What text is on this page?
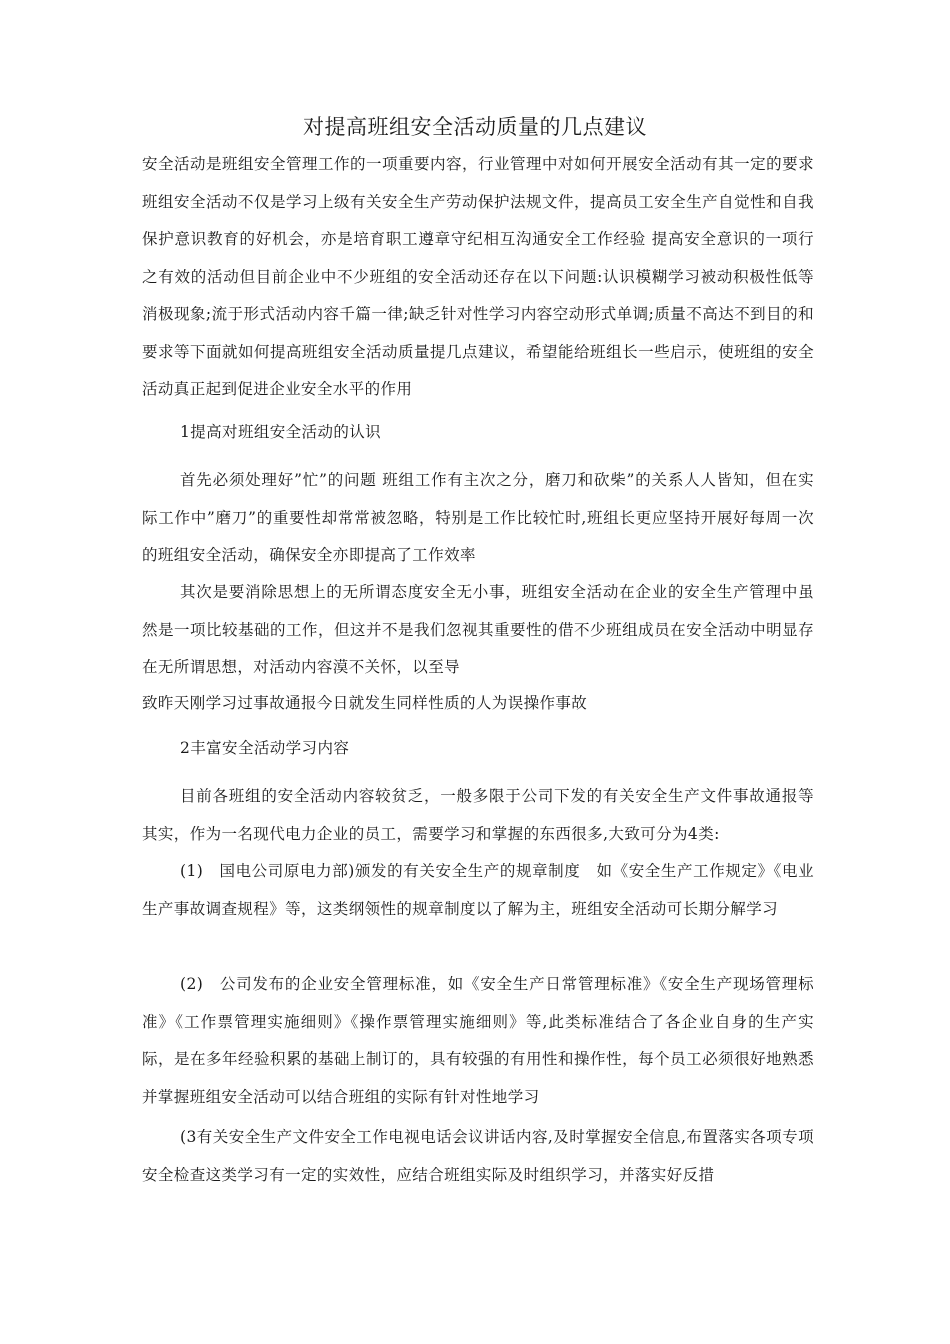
对提高班组安全活动质量的几点建议
安全活动是班组安全管理工作的一项重要内容，行业管理中对如何开展安全活动有其一定的要求班组安全活动不仅是学习上级有关安全生产劳动保护法规文件，提高员工安全生产自觉性和自我保护意识教育的好机会，亦是培育职工遵章守纪相互沟通安全工作经验 提高安全意识的一项行之有效的活动但目前企业中不少班组的安全活动还存在以下问题:认识模糊学习被动积极性低等消极现象;流于形式活动内容千篇一律;缺乏针对性学习内容空动形式单调;质量不高达不到目的和要求等下面就如何提高班组安全活动质量提几点建议，希望能给班组长一些启示，使班组的安全活动真正起到促进企业安全水平的作用
1提高对班组安全活动的认识
首先必须处理好”忙”的问题 班组工作有主次之分，磨刀和砍柴”的关系人人皆知，但在实际工作中”磨刀”的重要性却常常被忽略，特别是工作比较忙时,班组长更应坚持开展好每周一次的班组安全活动，确保安全亦即提高了工作效率
其次是要消除思想上的无所谓态度安全无小事，班组安全活动在企业的安全生产管理中虽然是一项比较基础的工作，但这并不是我们忽视其重要性的借不少班组成员在安全活动中明显存在无所谓思想，对活动内容漠不关怀，以至导
致昨天刚学习过事故通报今日就发生同样性质的人为误操作事故
2丰富安全活动学习内容
目前各班组的安全活动内容较贫乏，一般多限于公司下发的有关安全生产文件事故通报等其实，作为一名现代电力企业的员工，需要学习和掌握的东西很多,大致可分为4类:
(1)　国电公司原电力部)颁发的有关安全生产的规章制度　如《安全生产工作规定》《电业生产事故调查规程》等，这类纲领性的规章制度以了解为主，班组安全活动可长期分解学习
(2)　公司发布的企业安全管理标准，如《安全生产日常管理标准》《安全生产现场管理标准》《工作票管理实施细则》《操作票管理实施细则》等,此类标准结合了各企业自身的生产实际，是在多年经验积累的基础上制订的，具有较强的有用性和操作性，每个员工必须很好地熟悉并掌握班组安全活动可以结合班组的实际有针对性地学习
(3有关安全生产文件安全工作电视电话会议讲话内容,及时掌握安全信息,布置落实各项专项安全检查这类学习有一定的实效性，应结合班组实际及时组织学习，并落实好反措
